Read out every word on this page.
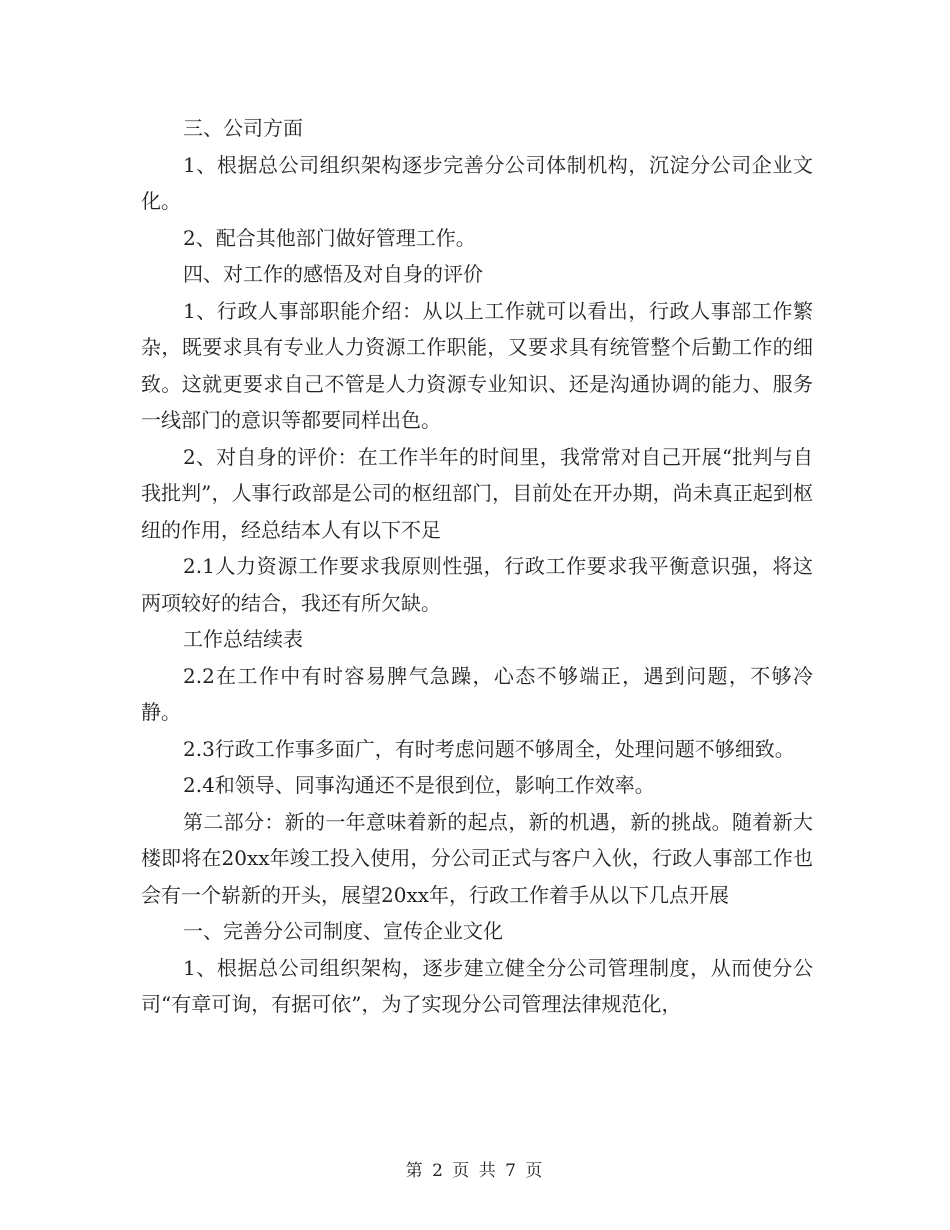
三、公司方面

1、根据总公司组织架构逐步完善分公司体制机构，沉淀分公司企业文化。

2、配合其他部门做好管理工作。

四、对工作的感悟及对自身的评价

1、行政人事部职能介绍：从以上工作就可以看出，行政人事部工作繁杂，既要求具有专业人力资源工作职能，又要求具有统管整个后勤工作的细致。这就更要求自己不管是人力资源专业知识、还是沟通协调的能力、服务一线部门的意识等都要同样出色。

2、对自身的评价：在工作半年的时间里，我常常对自己开展“批判与自我批判”，人事行政部是公司的枢纽部门，目前处在开办期，尚未真正起到枢纽的作用，经总结本人有以下不足

2.1人力资源工作要求我原则性强，行政工作要求我平衡意识强，将这两项较好的结合，我还有所欠缺。

工作总结续表

2.2在工作中有时容易脾气急躁，心态不够端正，遇到问题，不够冷静。

2.3行政工作事多面广，有时考虑问题不够周全，处理问题不够细致。

2.4和领导、同事沟通还不是很到位，影响工作效率。

第二部分：新的一年意味着新的起点，新的机遇，新的挑战。随着新大楼即将在20xx年竣工投入使用，分公司正式与客户入伙，行政人事部工作也会有一个崭新的开头，展望20xx年，行政工作着手从以下几点开展

一、完善分公司制度、宣传企业文化

1、根据总公司组织架构，逐步建立健全分公司管理制度，从而使分公司“有章可询，有据可依”，为了实现分公司管理法律规范化，

第 2 页 共 7 页
